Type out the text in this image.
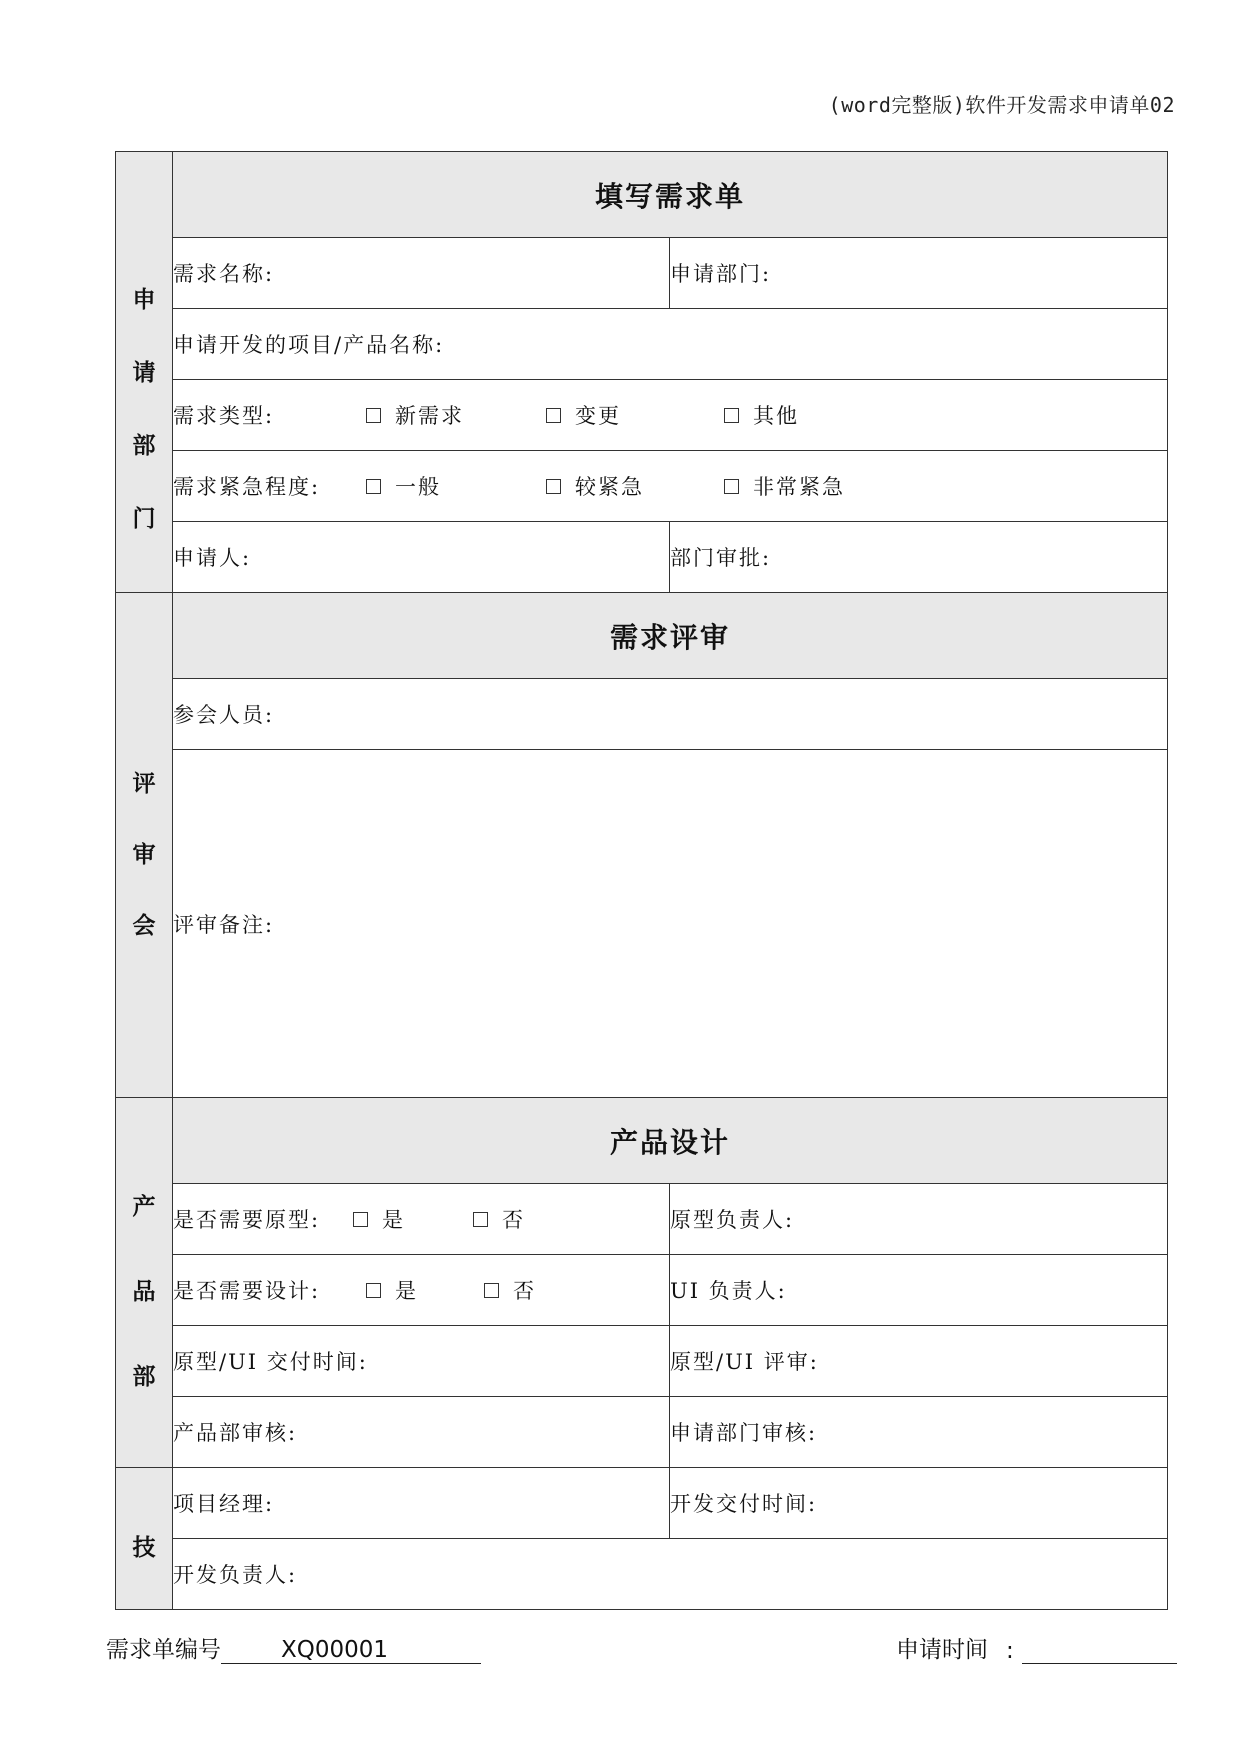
(word完整版)软件开发需求申请单02
申
请
部
门	填写需求单	
	需求名称:	申请部门:
	申请开发的项目/产品名称:	

	需求类型: 新需求 变更 其他	

	需求紧急程度: 一般 较紧急 非常紧急	

	申请人:	部门审批:

评
审
会	需求评审	
	参会人员:	
	评审备注:	

产
品
部	产品设计	

	是否需要原型: 是 否	原型负责人:

	是否需要设计: 是 否	UI 负责人:
	原型/UI 交付时间:	原型/UI 评审:
	产品部审核:	申请部门审核:

技	项目经理:	开发交付时间:
	开发负责人:	
需求单编号	XQ00001	申请时间 :
